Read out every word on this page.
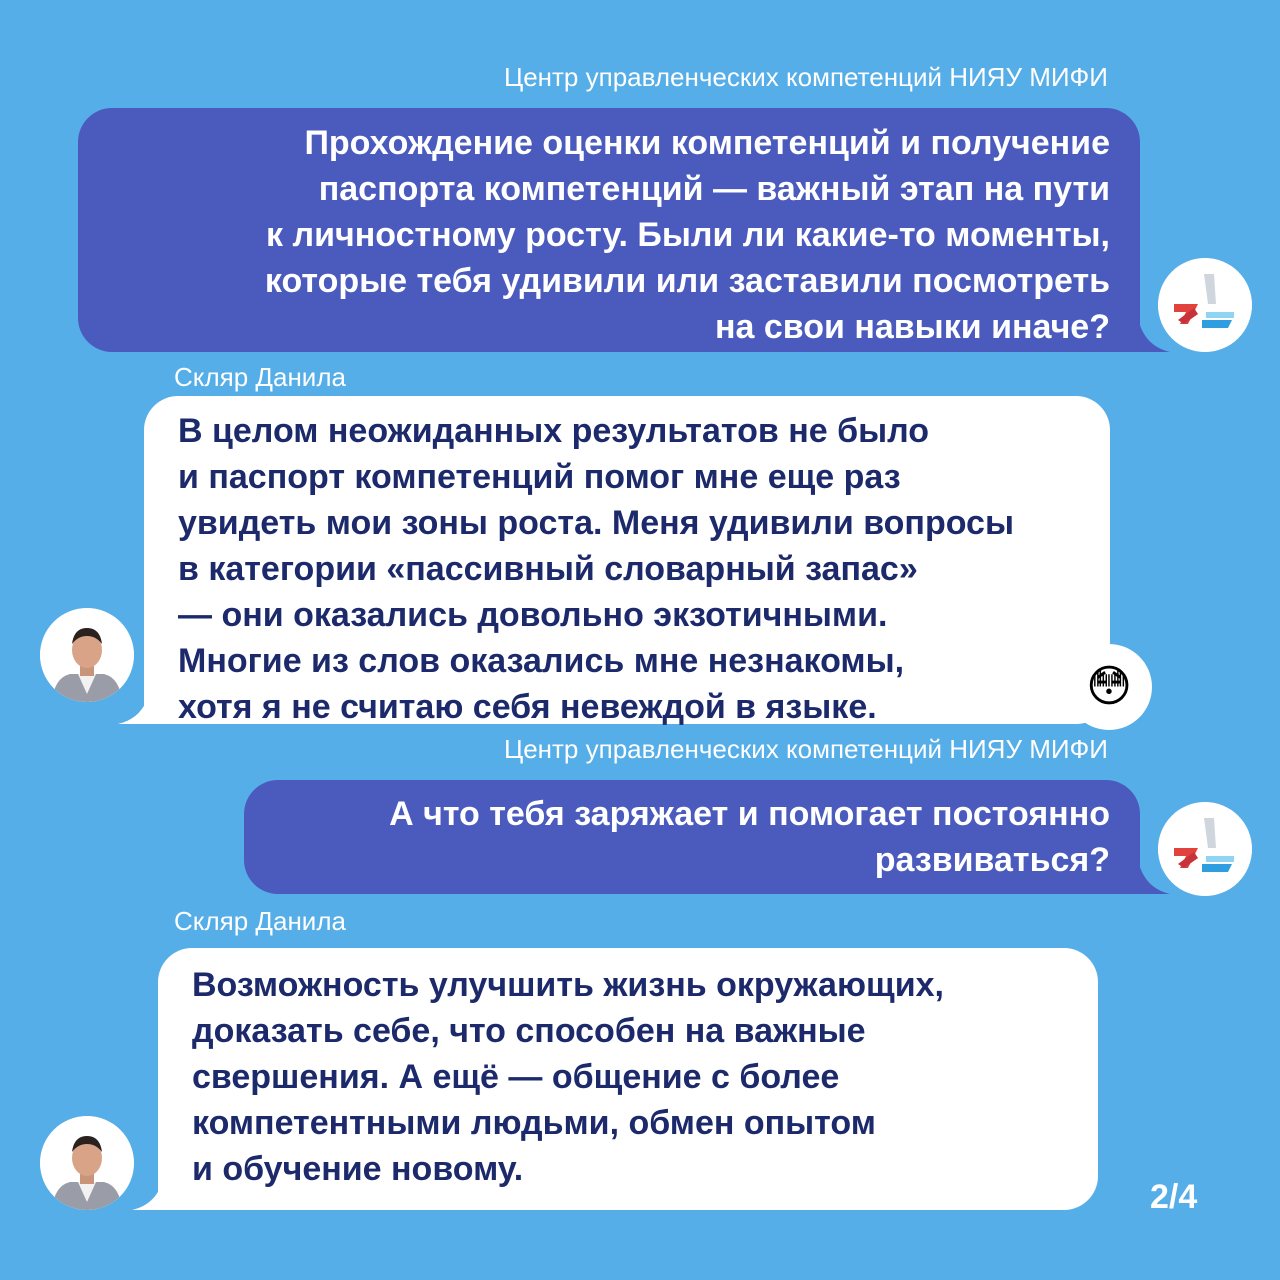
Центр управленческих компетенций НИЯУ МИФИ
Прохождение оценки компетенций и получение
паспорта компетенций — важный этап на пути
к личностному росту. Были ли какие-то моменты,
которые тебя удивили или заставили посмотреть
на свои навыки иначе?
Скляр Данила
В целом неожиданных результатов не было
и паспорт компетенций помог мне еще раз
увидеть мои зоны роста. Меня удивили вопросы
в категории «пассивный словарный запас»
— они оказались довольно экзотичными.
Многие из слов оказались мне незнакомы,
хотя я не считаю себя невеждой в языке.	😳
Центр управленческих компетенций НИЯУ МИФИ
А что тебя заряжает и помогает постоянно
развиваться?
Скляр Данила
Возможность улучшить жизнь окружающих,
доказать себе, что способен на важные
свершения. А ещё — общение с более
компетентными людьми, обмен опытом
и обучение новому.
2/4
